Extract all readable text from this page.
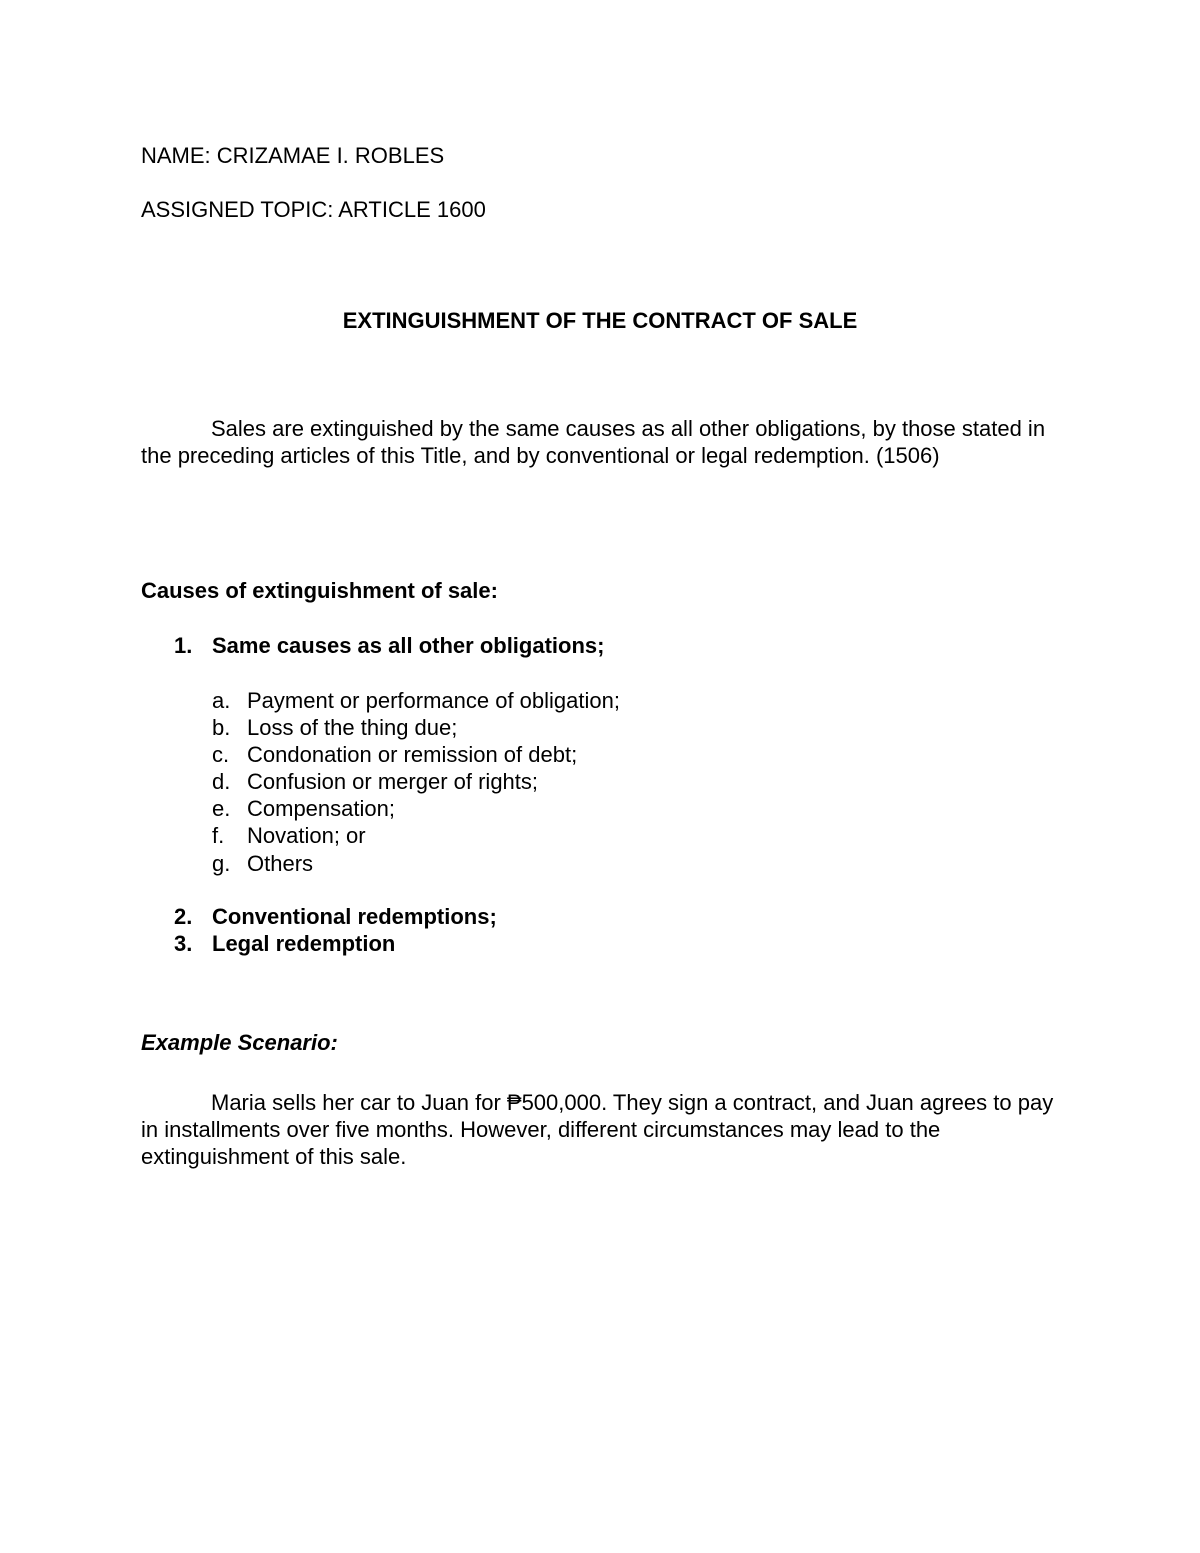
NAME: CRIZAMAE I. ROBLES
ASSIGNED TOPIC: ARTICLE 1600
EXTINGUISHMENT OF THE CONTRACT OF SALE
Sales are extinguished by the same causes as all other obligations, by those stated in the preceding articles of this Title, and by conventional or legal redemption. (1506)
Causes of extinguishment of sale:
1. Same causes as all other obligations;
a. Payment or performance of obligation;
b. Loss of the thing due;
c. Condonation or remission of debt;
d. Confusion or merger of rights;
e. Compensation;
f. Novation; or
g. Others
2. Conventional redemptions;
3. Legal redemption
Example Scenario:
Maria sells her car to Juan for ₱500,000. They sign a contract, and Juan agrees to pay in installments over five months. However, different circumstances may lead to the extinguishment of this sale.
